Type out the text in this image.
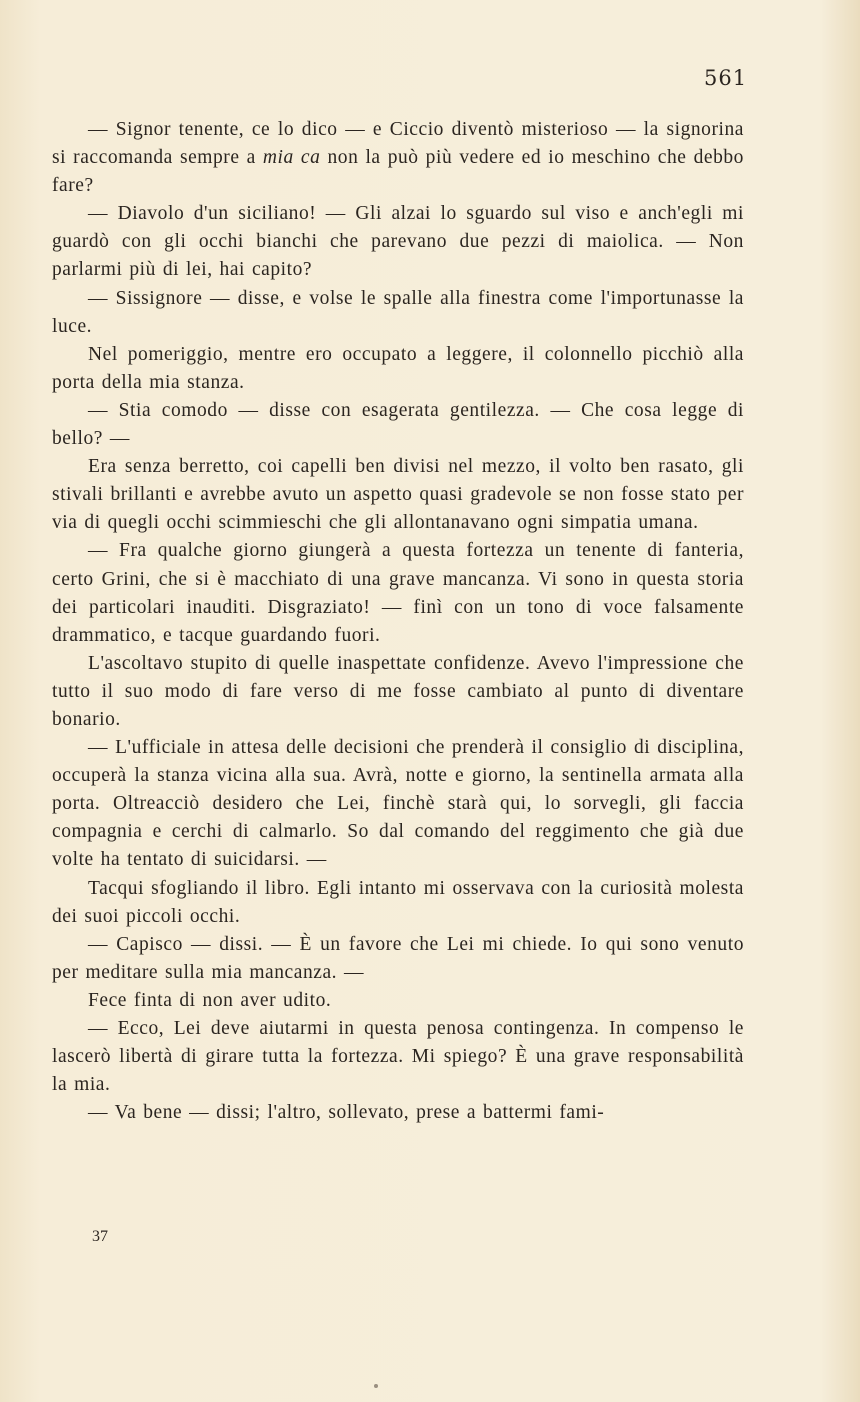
561

— Signor tenente, ce lo dico — e Ciccio diventò misterioso — la signorina si raccomanda sempre a mia ca non la può più vedere ed io meschino che debbo fare?

— Diavolo d'un siciliano! — Gli alzai lo sguardo sul viso e anch'egli mi guardò con gli occhi bianchi che parevano due pezzi di maiolica. — Non parlarmi più di lei, hai capito?

— Sissignore — disse, e volse le spalle alla finestra come l'importunasse la luce.

Nel pomeriggio, mentre ero occupato a leggere, il colonnello picchiò alla porta della mia stanza.

— Stia comodo — disse con esagerata gentilezza. — Che cosa legge di bello? —

Era senza berretto, coi capelli ben divisi nel mezzo, il volto ben rasato, gli stivali brillanti e avrebbe avuto un aspetto quasi gradevole se non fosse stato per via di quegli occhi scimmieschi che gli allontanavano ogni simpatia umana.

— Fra qualche giorno giungerà a questa fortezza un tenente di fanteria, certo Grini, che si è macchiato di una grave mancanza. Vi sono in questa storia dei particolari inauditi. Disgraziato! — finì con un tono di voce falsamente drammatico, e tacque guardando fuori.

L'ascoltavo stupito di quelle inaspettate confidenze. Avevo l'impressione che tutto il suo modo di fare verso di me fosse cambiato al punto di diventare bonario.

— L'ufficiale in attesa delle decisioni che prenderà il consiglio di disciplina, occuperà la stanza vicina alla sua. Avrà, notte e giorno, la sentinella armata alla porta. Oltreacciò desidero che Lei, finchè starà qui, lo sorvegli, gli faccia compagnia e cerchi di calmarlo. So dal comando del reggimento che già due volte ha tentato di suicidarsi. —

Tacqui sfogliando il libro. Egli intanto mi osservava con la curiosità molesta dei suoi piccoli occhi.

— Capisco — dissi. — È un favore che Lei mi chiede. Io qui sono venuto per meditare sulla mia mancanza. —

Fece finta di non aver udito.

— Ecco, Lei deve aiutarmi in questa penosa contingenza. In compenso le lascerò libertà di girare tutta la fortezza. Mi spiego? È una grave responsabilità la mia.

— Va bene — dissi; l'altro, sollevato, prese a battermi fami-

37
